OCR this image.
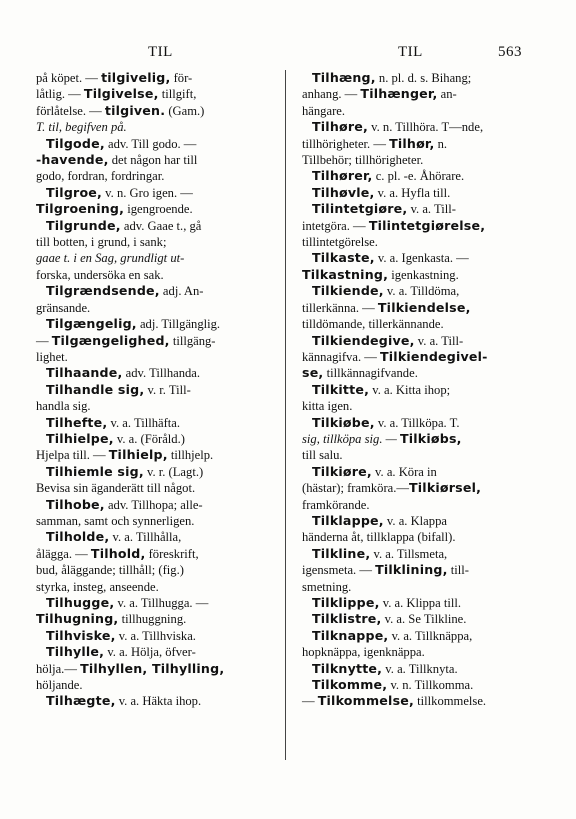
TIL	TIL	563

på köpet. — tilgivelig, för-

låtlig. — Tilgivelse, tillgift,

förlåtelse. — tilgiven. (Gam.)

T. til, begifven på.

Tilgode, adv. Till godo. —

-havende, det någon har till

godo, fordran, fordringar.

Tilgroe, v. n. Gro igen. —

Tilgroening, igengroende.

Tilgrunde, adv. Gaae t., gå

till botten, i grund, i sank;

gaae t. i en Sag, grundligt ut-

forska, undersöka en sak.

Tilgrændsende, adj. An-

gränsande.

Tilgængelig, adj. Tillgänglig.

— Tilgængelighed, tillgäng-

lighet.

Tilhaande, adv. Tillhanda.

Tilhandle sig, v. r. Till-

handla sig.

Tilhefte, v. a. Tillhäfta.

Tilhielpe, v. a. (Föråld.)

Hjelpa till. — Tilhielp, tillhjelp.

Tilhiemle sig, v. r. (Lagt.)

Bevisa sin äganderätt till något.

Tilhobe, adv. Tillhopa; alle-

samman, samt och synnerligen.

Tilholde, v. a. Tillhålla,

ålägga. — Tilhold, föreskrift,

bud, åläggande; tillhåll; (fig.)

styrka, insteg, anseende.

Tilhugge, v. a. Tillhugga. —

Tilhugning, tillhuggning.

Tilhviske, v. a. Tillhviska.

Tilhylle, v. a. Hölja, öfver-

hölja.— Tilhyllen, Tilhylling,

höljande.

Tilhægte, v. a. Häkta ihop.

Tilhæng, n. pl. d. s. Bihang;

anhang. — Tilhænger, an-

hängare.

Tilhøre, v. n. Tillhöra. T—nde,

tillhörigheter. — Tilhør, n.

Tillbehör; tillhörigheter.

Tilhører, c. pl. -e. Åhörare.

Tilhøvle, v. a. Hyfla till.

Tilintetgiøre, v. a. Till-

intetgöra. — Tilintetgiørelse,

tillintetgörelse.

Tilkaste, v. a. Igenkasta. —

Tilkastning, igenkastning.

Tilkiende, v. a. Tilldöma,

tillerkänna. — Tilkiendelse,

tilldömande, tillerkännande.

Tilkiendegive, v. a. Till-

kännagifva. — Tilkiendegivel-

se, tillkännagifvande.

Tilkitte, v. a. Kitta ihop;

kitta igen.

Tilkiøbe, v. a. Tillköpa. T.

sig, tillköpa sig. — Tilkiøbs,

till salu.

Tilkiøre, v. a. Köra in

(hästar); framköra.—Tilkiørsel,

framkörande.

Tilklappe, v. a. Klappa

händerna åt, tillklappa (bifall).

Tilkline, v. a. Tillsmeta,

igensmeta. — Tilklining, till-

smetning.

Tilklippe, v. a. Klippa till.

Tilklistre, v. a. Se Tilkline.

Tilknappe, v. a. Tillknäppa,

hopknäppa, igenknäppa.

Tilknytte, v. a. Tillknyta.

Tilkomme, v. n. Tillkomma.

— Tilkommelse, tillkommelse.
